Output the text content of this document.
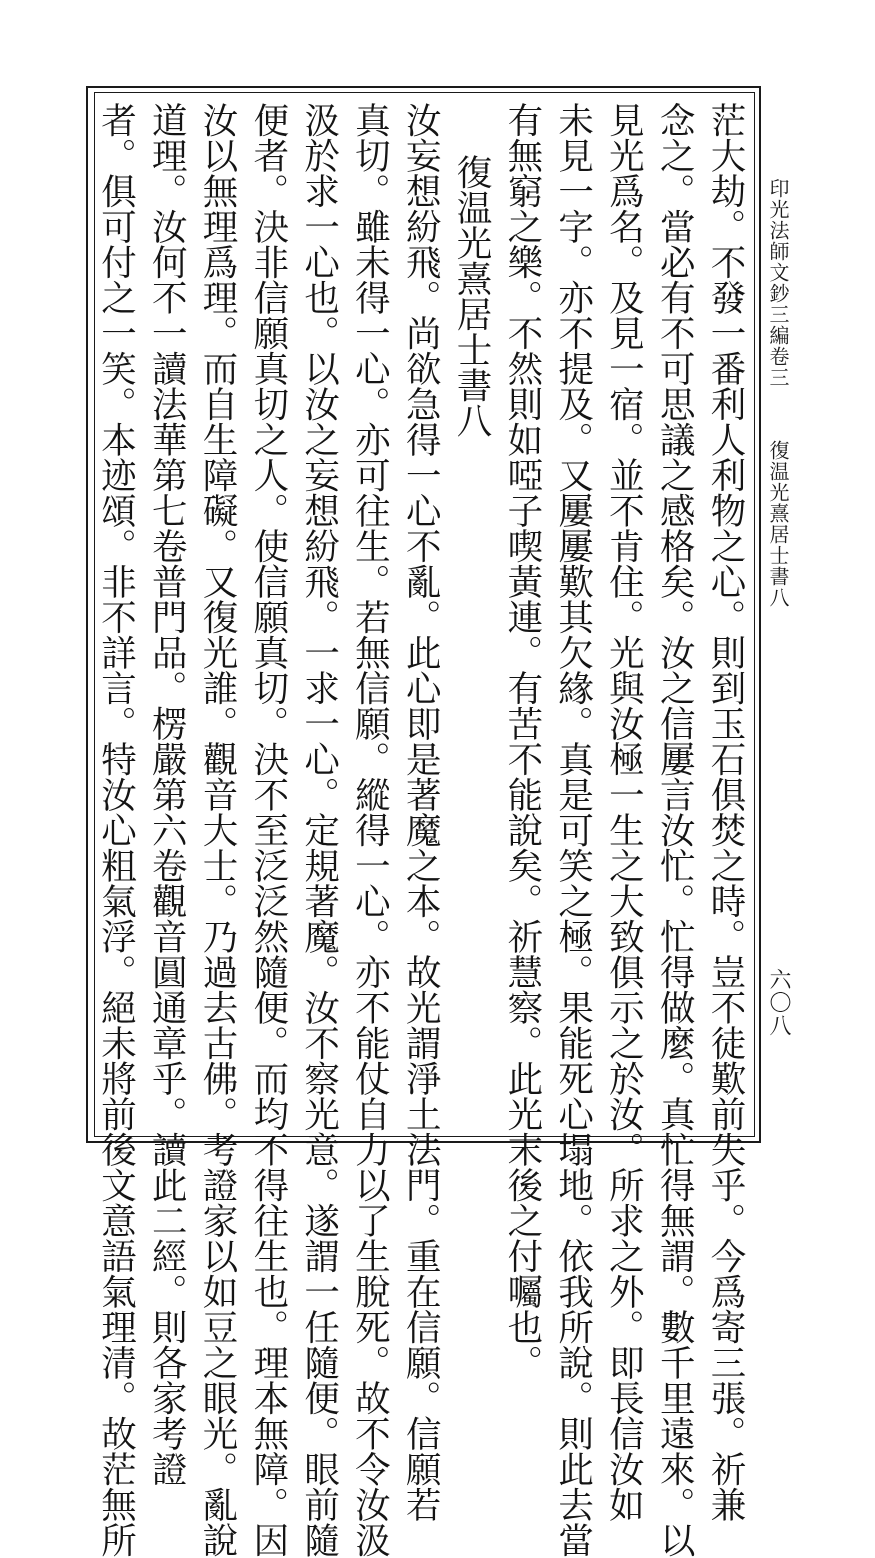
印光法師文鈔三編卷三
復温光熹居士書八
六〇八
茫大劫。不發一番利人利物之心。則到玉石俱焚之時。豈不徒歎前失乎。今爲寄三張。祈兼
念之。當必有不可思議之感格矣。汝之信屢言汝忙。忙得做麼。真忙得無謂。數千里遠來。以
見光爲名。及見一宿。並不肯住。光與汝極一生之大致俱示之於汝。所求之外。即長信汝如
未見一字。亦不提及。又屢屢歎其欠緣。真是可笑之極。果能死心塌地。依我所說。則此去當
有無窮之樂。不然則如啞子喫黃連。有苦不能說矣。祈慧察。此光末後之付囑也。
復温光熹居士書八
汝妄想紛飛。尚欲急得一心不亂。此心即是著魔之本。故光謂淨土法門。重在信願。信願若
真切。雖未得一心。亦可往生。若無信願。縱得一心。亦不能仗自力以了生脫死。故不令汝汲
汲於求一心也。以汝之妄想紛飛。一求一心。定規著魔。汝不察光意。遂謂一任隨便。眼前隨
便者。決非信願真切之人。使信願真切。決不至泛泛然隨便。而均不得往生也。理本無障。因
汝以無理爲理。而自生障礙。又復光誰。觀音大士。乃過去古佛。考證家以如豆之眼光。亂說
道理。汝何不一讀法華第七卷普門品。楞嚴第六卷觀音圓通章乎。讀此二經。則各家考證
者。俱可付之一笑。本迹頌。非不詳言。特汝心粗氣浮。絕未將前後文意語氣理清。故茫無所
